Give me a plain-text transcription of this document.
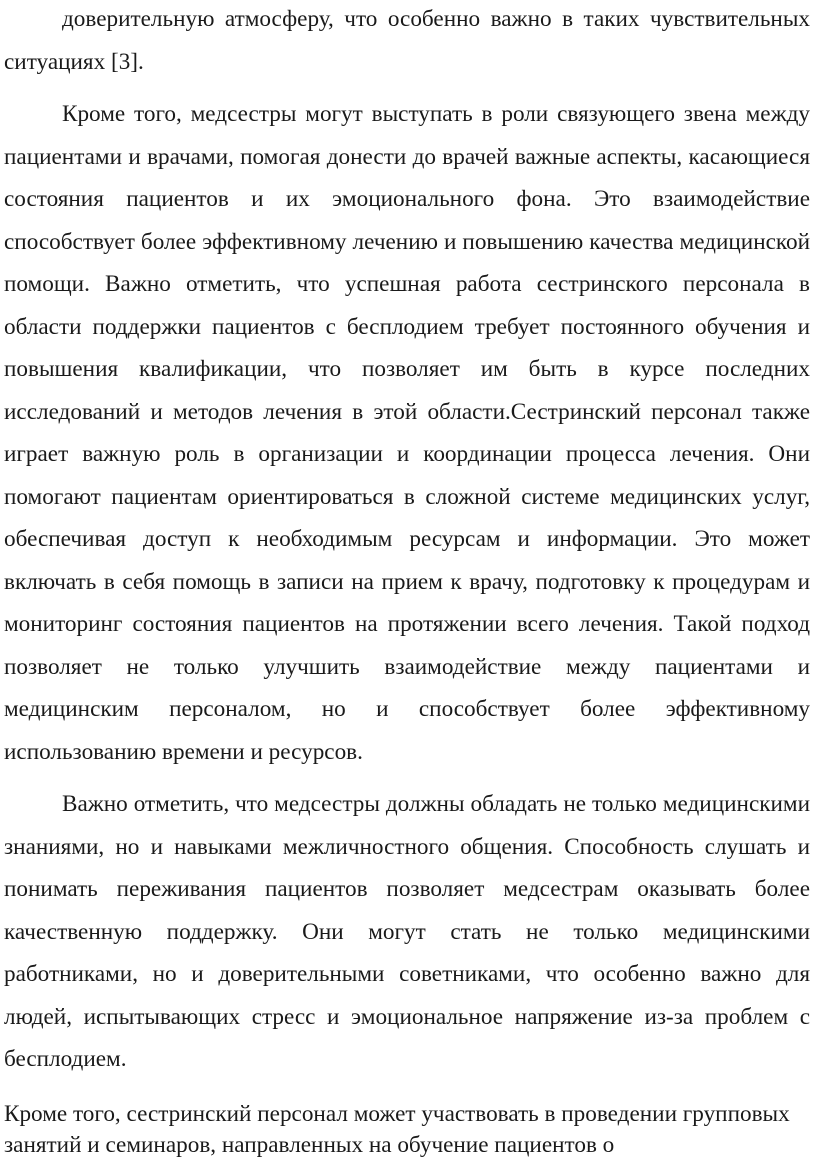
доверительную атмосферу, что особенно важно в таких чувствительных ситуациях [3].

Кроме того, медсестры могут выступать в роли связующего звена между пациентами и врачами, помогая донести до врачей важные аспекты, касающиеся состояния пациентов и их эмоционального фона. Это взаимодействие способствует более эффективному лечению и повышению качества медицинской помощи. Важно отметить, что успешная работа сестринского персонала в области поддержки пациентов с бесплодием требует постоянного обучения и повышения квалификации, что позволяет им быть в курсе последних исследований и методов лечения в этой области.Сестринский персонал также играет важную роль в организации и координации процесса лечения. Они помогают пациентам ориентироваться в сложной системе медицинских услуг, обеспечивая доступ к необходимым ресурсам и информации. Это может включать в себя помощь в записи на прием к врачу, подготовку к процедурам и мониторинг состояния пациентов на протяжении всего лечения. Такой подход позволяет не только улучшить взаимодействие между пациентами и медицинским персоналом, но и способствует более эффективному использованию времени и ресурсов.

Важно отметить, что медсестры должны обладать не только медицинскими знаниями, но и навыками межличностного общения. Способность слушать и понимать переживания пациентов позволяет медсестрам оказывать более качественную поддержку. Они могут стать не только медицинскими работниками, но и доверительными советниками, что особенно важно для людей, испытывающих стресс и эмоциональное напряжение из-за проблем с бесплодием.

Кроме того, сестринский персонал может участвовать в проведении групповых занятий и семинаров, направленных на обучение пациентов о
